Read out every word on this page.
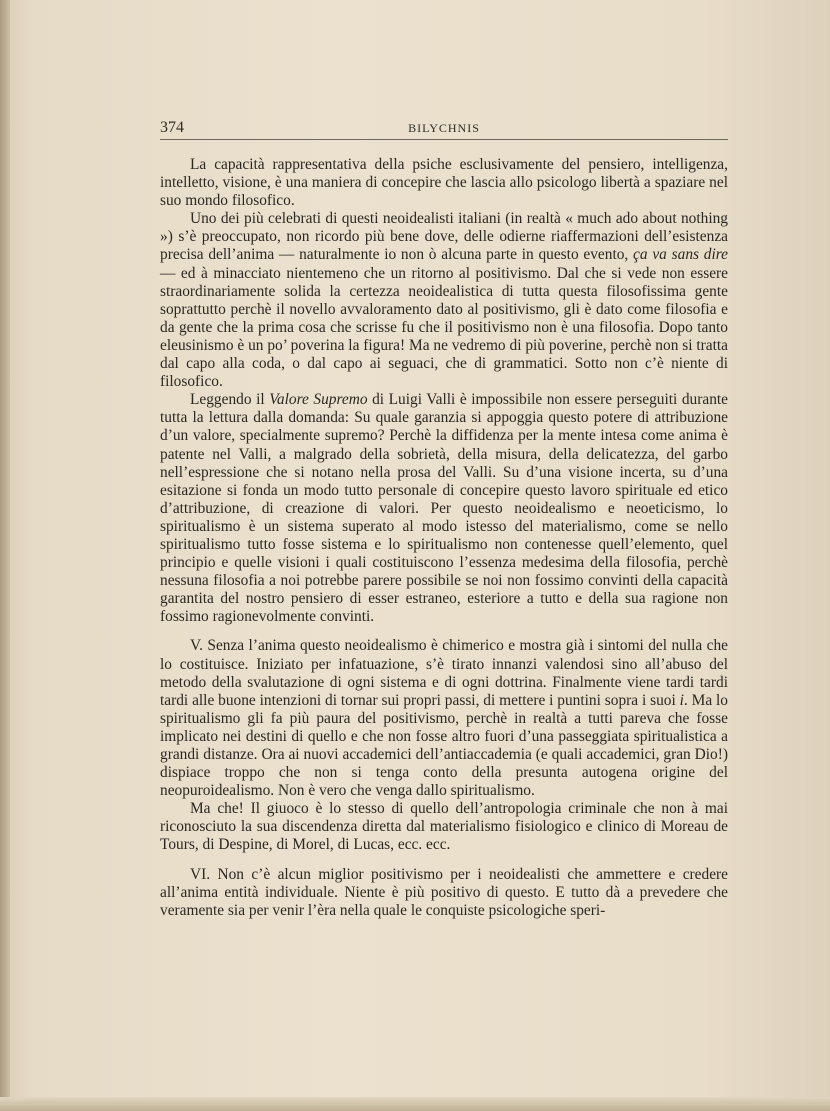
374	BILYCHNIS

La capacità rappresentativa della psiche esclusivamente del pensiero, intelligenza, intelletto, visione, è una maniera di concepire che lascia allo psicologo libertà a spaziare nel suo mondo filosofico.

Uno dei più celebrati di questi neoidealisti italiani (in realtà « much ado about nothing ») s’è preoccupato, non ricordo più bene dove, delle odierne riaffermazioni dell’esistenza precisa dell’anima — naturalmente io non ò alcuna parte in questo evento, ça va sans dire — ed à minacciato nientemeno che un ritorno al positivismo. Dal che si vede non essere straordinariamente solida la certezza neoidealistica di tutta questa filosofissima gente soprattutto perchè il novello avvaloramento dato al positivismo, gli è dato come filosofia e da gente che la prima cosa che scrisse fu che il positivismo non è una filosofia. Dopo tanto eleusinismo è un po’ poverina la figura! Ma ne vedremo di più poverine, perchè non si tratta dal capo alla coda, o dal capo ai seguaci, che di grammatici. Sotto non c’è niente di filosofico.

Leggendo il Valore Supremo di Luigi Valli è impossibile non essere perseguiti durante tutta la lettura dalla domanda: Su quale garanzia si appoggia questo potere di attribuzione d’un valore, specialmente supremo? Perchè la diffidenza per la mente intesa come anima è patente nel Valli, a malgrado della sobrietà, della misura, della delicatezza, del garbo nell’espressione che si notano nella prosa del Valli. Su d’una visione incerta, su d’una esitazione si fonda un modo tutto personale di concepire questo lavoro spirituale ed etico d’attribuzione, di creazione di valori. Per questo neoidealismo e neoeticismo, lo spiritualismo è un sistema superato al modo istesso del materialismo, come se nello spiritualismo tutto fosse sistema e lo spiritualismo non contenesse quell’elemento, quel principio e quelle visioni i quali costituiscono l’essenza medesima della filosofia, perchè nessuna filosofia a noi potrebbe parere possibile se noi non fossimo convinti della capacità garantita del nostro pensiero di esser estraneo, esteriore a tutto e della sua ragione non fossimo ragionevolmente convinti.

V. Senza l’anima questo neoidealismo è chimerico e mostra già i sintomi del nulla che lo costituisce. Iniziato per infatuazione, s’è tirato innanzi valendosi sino all’abuso del metodo della svalutazione di ogni sistema e di ogni dottrina. Finalmente viene tardi tardi tardi alle buone intenzioni di tornar sui propri passi, di mettere i puntini sopra i suoi i. Ma lo spiritualismo gli fa più paura del positivismo, perchè in realtà a tutti pareva che fosse implicato nei destini di quello e che non fosse altro fuori d’una passeggiata spiritualistica a grandi distanze. Ora ai nuovi accademici dell’antiaccademia (e quali accademici, gran Dio!) dispiace troppo che non si tenga conto della presunta autogena origine del neopuroidealismo. Non è vero che venga dallo spiritualismo.

Ma che! Il giuoco è lo stesso di quello dell’antropologia criminale che non à mai riconosciuto la sua discendenza diretta dal materialismo fisiologico e clinico di Moreau de Tours, di Despine, di Morel, di Lucas, ecc. ecc.

VI. Non c’è alcun miglior positivismo per i neoidealisti che ammettere e credere all’anima entità individuale. Niente è più positivo di questo. E tutto dà a prevedere che veramente sia per venir l’èra nella quale le conquiste psicologiche speri-
